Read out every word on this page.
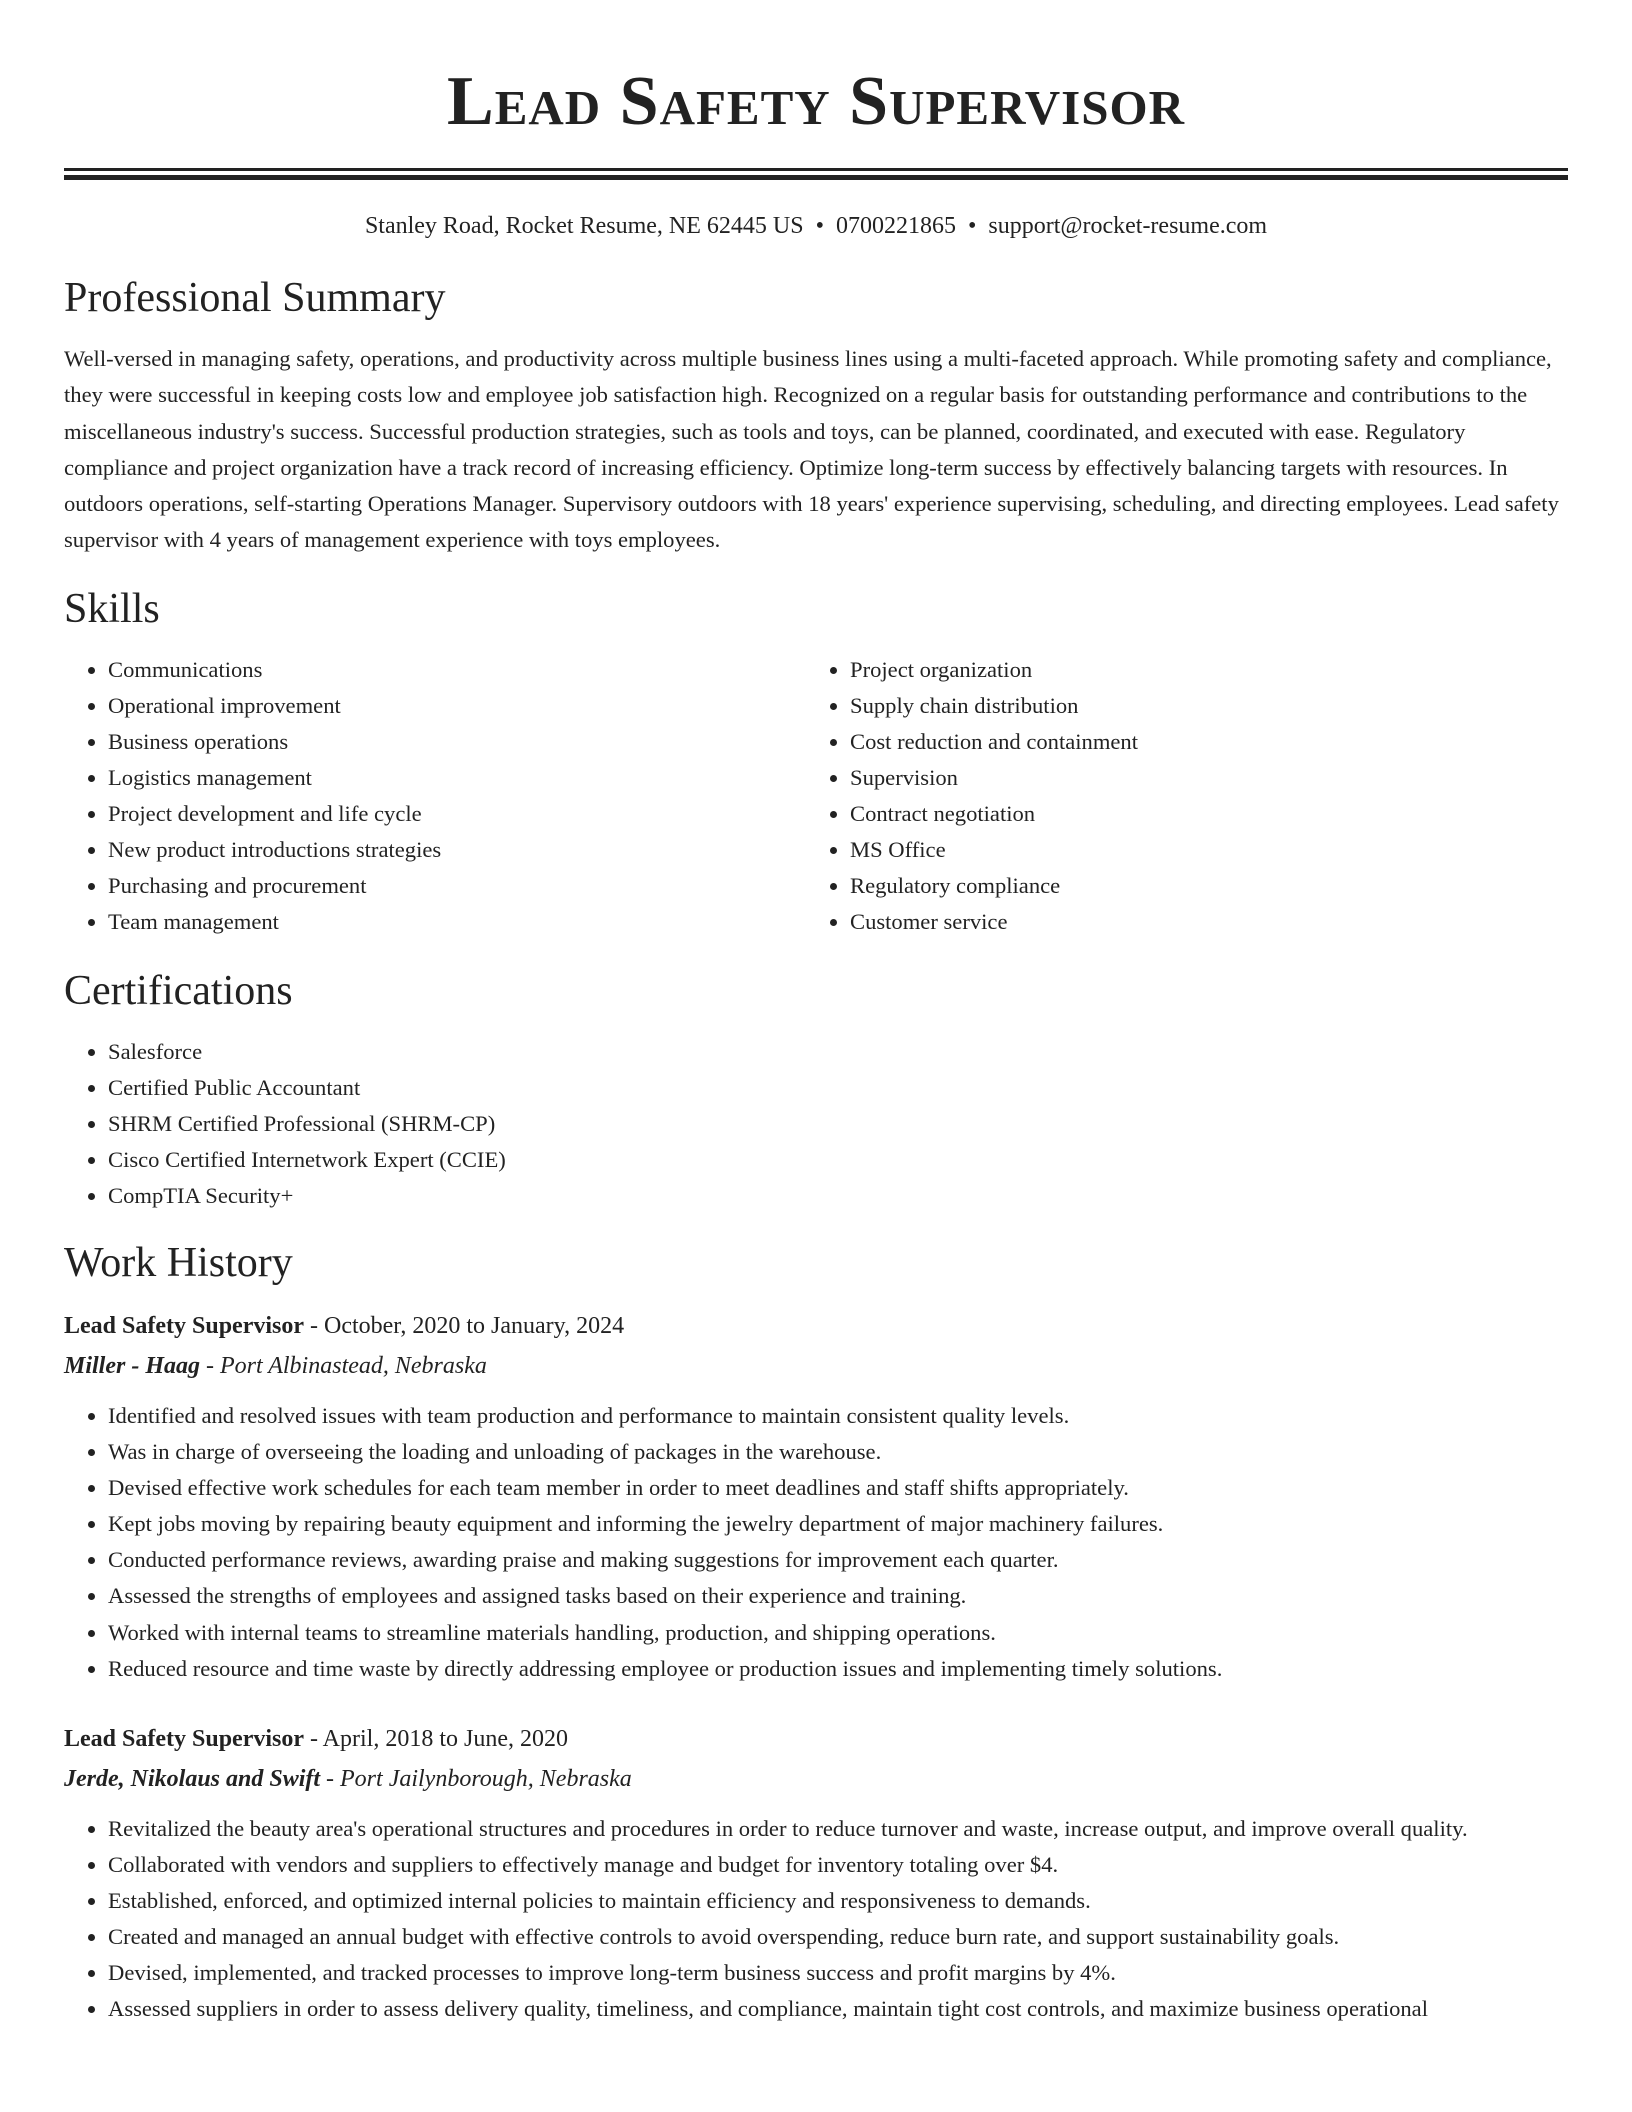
Lead Safety Supervisor
Stanley Road, Rocket Resume, NE 62445 US • 0700221865 • support@rocket-resume.com
Professional Summary

Well-versed in managing safety, operations, and productivity across multiple business lines using a multi-faceted approach. While promoting safety and compliance, they were successful in keeping costs low and employee job satisfaction high. Recognized on a regular basis for outstanding performance and contributions to the miscellaneous industry's success. Successful production strategies, such as tools and toys, can be planned, coordinated, and executed with ease. Regulatory compliance and project organization have a track record of increasing efficiency. Optimize long-term success by effectively balancing targets with resources. In outdoors operations, self-starting Operations Manager. Supervisory outdoors with 18 years' experience supervising, scheduling, and directing employees. Lead safety supervisor with 4 years of management experience with toys employees.

Skills
• Communications
• Operational improvement
• Business operations
• Logistics management
• Project development and life cycle
• New product introductions strategies
• Purchasing and procurement
• Team management
• Project organization
• Supply chain distribution
• Cost reduction and containment
• Supervision
• Contract negotiation
• MS Office
• Regulatory compliance
• Customer service
Certifications
• Salesforce
• Certified Public Accountant
• SHRM Certified Professional (SHRM-CP)
• Cisco Certified Internetwork Expert (CCIE)
• CompTIA Security+
Work History
Lead Safety Supervisor - October, 2020 to January, 2024
Miller - Haag - Port Albinastead, Nebraska
• Identified and resolved issues with team production and performance to maintain consistent quality levels.
• Was in charge of overseeing the loading and unloading of packages in the warehouse.
• Devised effective work schedules for each team member in order to meet deadlines and staff shifts appropriately.
• Kept jobs moving by repairing beauty equipment and informing the jewelry department of major machinery failures.
• Conducted performance reviews, awarding praise and making suggestions for improvement each quarter.
• Assessed the strengths of employees and assigned tasks based on their experience and training.
• Worked with internal teams to streamline materials handling, production, and shipping operations.
• Reduced resource and time waste by directly addressing employee or production issues and implementing timely solutions.
Lead Safety Supervisor - April, 2018 to June, 2020
Jerde, Nikolaus and Swift - Port Jailynborough, Nebraska
• Revitalized the beauty area's operational structures and procedures in order to reduce turnover and waste, increase output, and improve overall quality.
• Collaborated with vendors and suppliers to effectively manage and budget for inventory totaling over $4.
• Established, enforced, and optimized internal policies to maintain efficiency and responsiveness to demands.
• Created and managed an annual budget with effective controls to avoid overspending, reduce burn rate, and support sustainability goals.
• Devised, implemented, and tracked processes to improve long-term business success and profit margins by 4%.
• Assessed suppliers in order to assess delivery quality, timeliness, and compliance, maintain tight cost controls, and maximize business operational
